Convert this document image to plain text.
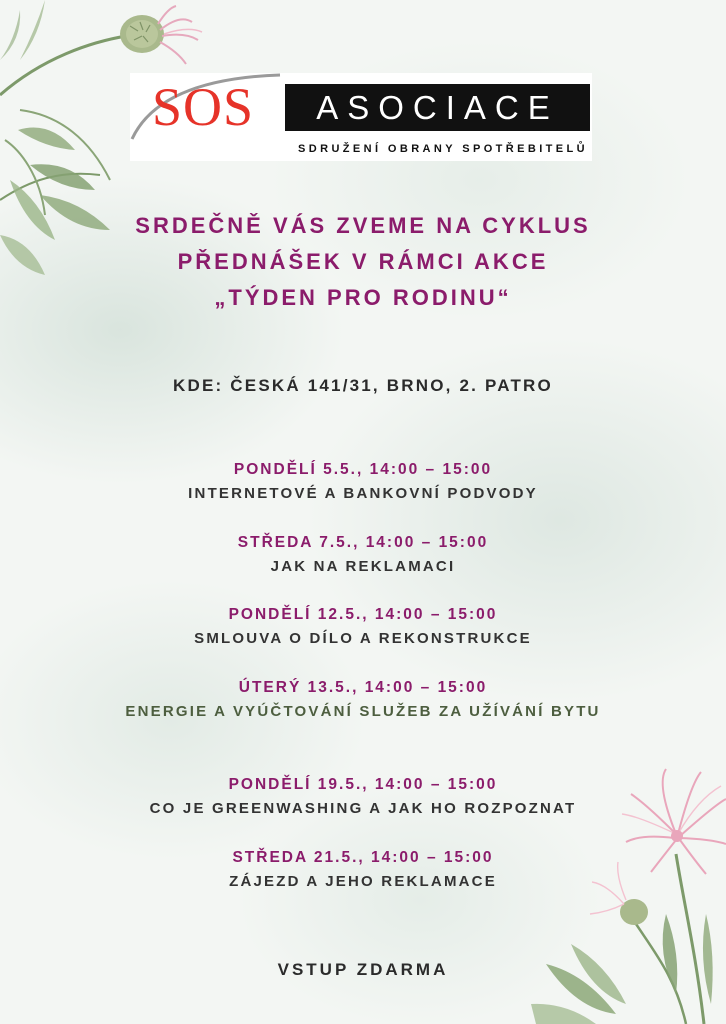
SOS	ASOCIACE
SDRUŽENÍ OBRANY SPOTŘEBITELŮ
SRDEČNĚ VÁS ZVEME NA CYKLUS
PŘEDNÁŠEK V RÁMCI AKCE
„TÝDEN PRO RODINU“
KDE: ČESKÁ 141/31, BRNO, 2. PATRO
PONDĚLÍ 5.5., 14:00 – 15:00
INTERNETOVÉ A BANKOVNÍ PODVODY
STŘEDA 7.5., 14:00 – 15:00
JAK NA REKLAMACI
PONDĚLÍ 12.5., 14:00 – 15:00
SMLOUVA O DÍLO A REKONSTRUKCE
ÚTERÝ 13.5., 14:00 – 15:00
ENERGIE A VYÚČTOVÁNÍ SLUŽEB ZA UŽÍVÁNÍ BYTU
PONDĚLÍ 19.5., 14:00 – 15:00
CO JE GREENWASHING A JAK HO ROZPOZNAT
STŘEDA 21.5., 14:00 – 15:00
ZÁJEZD A JEHO REKLAMACE
VSTUP ZDARMA
